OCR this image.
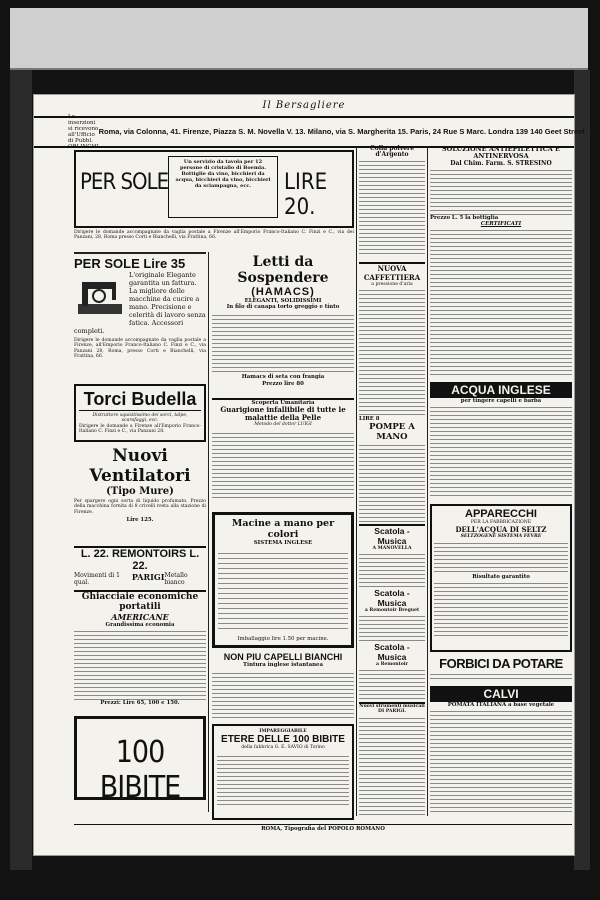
Il Bersagliere
Le inserzioni si ricevono all'Ufficio di Pubbl. ORLINGHI
Roma, via Colonna, 41. Firenze, Piazza S. M. Novella V. 13. Milano, via S. Margherita 15. Paris, 24 Rue S Marc. Londra 139 140 Geet Street
PER SOLE
Un servizio da tavola per 12
persone di cristallo di Boemia.
Bottiglie da vino, bicchieri da
acqua, bicchieri da vino, bicchieri
da sciampagna, ecc.	LIRE 20.
Dirigere le domande accompagnate da vaglia postale a Firenze all'Emporio Franco-Italiano C. Finzi e C., via dei Panzani, 28, Roma presso Corti e Bianchelli, via Frattina, 66.
PER SOLE Lire 35
L'originale Elegante garantita un fattura. La migliore delle macchine da cucire a mano. Precisione e celerità di lavoro senza fatica. Accessori completi.
Dirigere le domande accompagnate da vaglia postale a Firenze, all'Emporio Franco-Italiano C. Finzi e C., via Panzani 28, Roma, presso Corti e Bianchelli, via Frattina, 66.
Torci Budella
Distruttore squisitissimo dei sorci, talpe, scarafaggi, ecc.
Dirigere le domande a Firenze all'Emporio Franco-Italiano C. Finzi e C., via Panzani 28.
Nuovi Ventilatori
(Tipo Mure)
Per spargere ogni sorta di liquido profumato. Prezzo della macchina fornita di 8 crivelli resta alla stazione di Firenze.
Lire 125.
L. 22. REMONTOIRS L. 22.
Movimenti di 1 qual.
PARIGI Metallo bianco
Ghiacciaie economiche portatili
AMERICANE
Grandissima economia
Prezzi: Lire 65, 100 e 150.
100 BIBITE
Letti da Sospendere
(HAMACS)
ELEGANTI, SOLIDISSIMI
In filo di canapa torto greggio e tinto
Hamacs di seta con frangia
Prezzo lire 80
Scoperta Umanitaria
Guarigione infallibile di tutte le malattie della Pelle
Metodo del dottor LUIGI
Macine a mano per colori
SISTEMA INGLESE
Imballaggio lire 1.50 per macine.
NON PIU CAPELLI BIANCHI
Tintura inglese istantanea
IMPAREGGIABILE
ETERE DELLE 100 BIBITE
della fabbrica G. E. SAVIO di Torino
Colla polvere d'Argento
NUOVA CAFFETTIERA
a pressione d'aria
LIRE 8
POMPE A MANO
Scatola - Musica
A MANOVELLA
Scatola - Musica
a Remontoir Breguet
Scatola - Musica
a Remontoir
Nuovi strumenti musicali DI PARIGI.
SOLUZIONE ANTIEPILETTICA E ANTINERVOSA
Dal Chim. Farm. S. STRESINO
Prezzo L. 5 la bottiglia
CERTIFICATI
ACQUA INGLESE
per tingere capelli e barba
APPARECCHI
PER LA FABBRICAZIONE
DELL'ACQUA DI SELTZ
SELTZOGENE SISTEMA FEVRE
Risultato garantito
FORBICI DA POTARE
CALVI
POMATA ITALIANA a base vegetale
ROMA, Tipografia del POPOLO ROMANO
